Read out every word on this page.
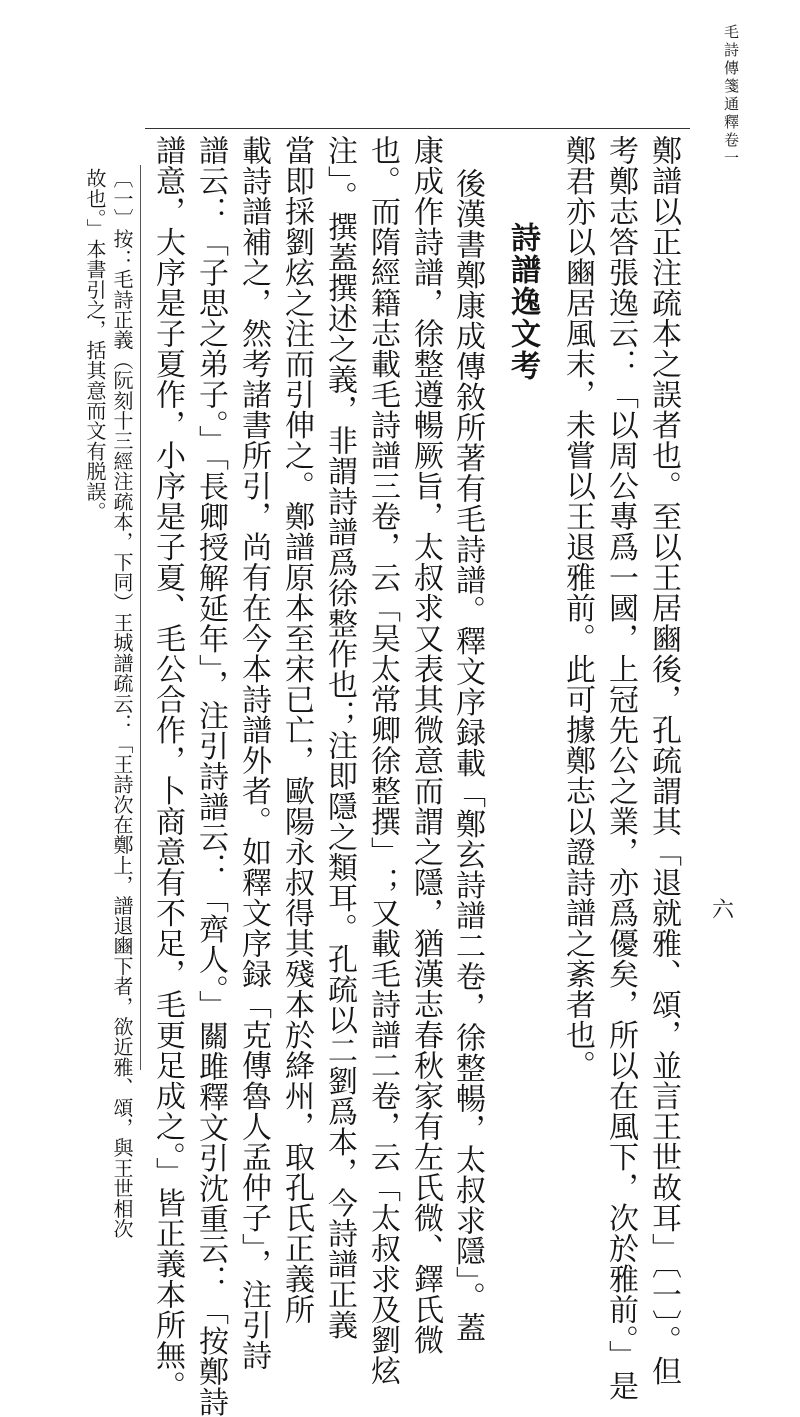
毛詩傳箋通釋卷一
六
鄭譜以正注疏本之誤者也。至以王居豳後，孔疏謂其「退就雅、頌，並言王世故耳」〔一〕。但
考鄭志答張逸云：「以周公專爲一國，上冠先公之業，亦爲優矣，所以在風下，次於雅前。」是
鄭君亦以豳居風末，未嘗以王退雅前。此可據鄭志以證詩譜之紊者也。
詩譜逸文考
後漢書鄭康成傳敘所著有毛詩譜。釋文序録載「鄭玄詩譜二卷，徐整暢，太叔求隱」。蓋
康成作詩譜，徐整遵暢厥旨，太叔求又表其微意而謂之隱，猶漢志春秋家有左氏微、鐸氏微
也。而隋經籍志載毛詩譜三卷，云「吴太常卿徐整撰」；又載毛詩譜二卷，云「太叔求及劉炫
注」。撰蓋撰述之義，非謂詩譜爲徐整作也；注即隱之類耳。孔疏以二劉爲本，今詩譜正義
當即採劉炫之注而引伸之。鄭譜原本至宋已亡，歐陽永叔得其殘本於絳州，取孔氏正義所
載詩譜補之，然考諸書所引，尚有在今本詩譜外者。如釋文序録「克傳魯人孟仲子」，注引詩
譜云：「子思之弟子。」「長卿授解延年」，注引詩譜云：「齊人。」關雎釋文引沈重云：「按鄭詩
譜意，大序是子夏作，小序是子夏、毛公合作，卜商意有不足，毛更足成之。」皆正義本所無。
〔一〕按：毛詩正義（阮刻十三經注疏本，下同）王城譜疏云：「王詩次在鄭上，譜退豳下者，欲近雅、頌，與王世相次
故也。」本書引之，括其意而文有脱誤。
